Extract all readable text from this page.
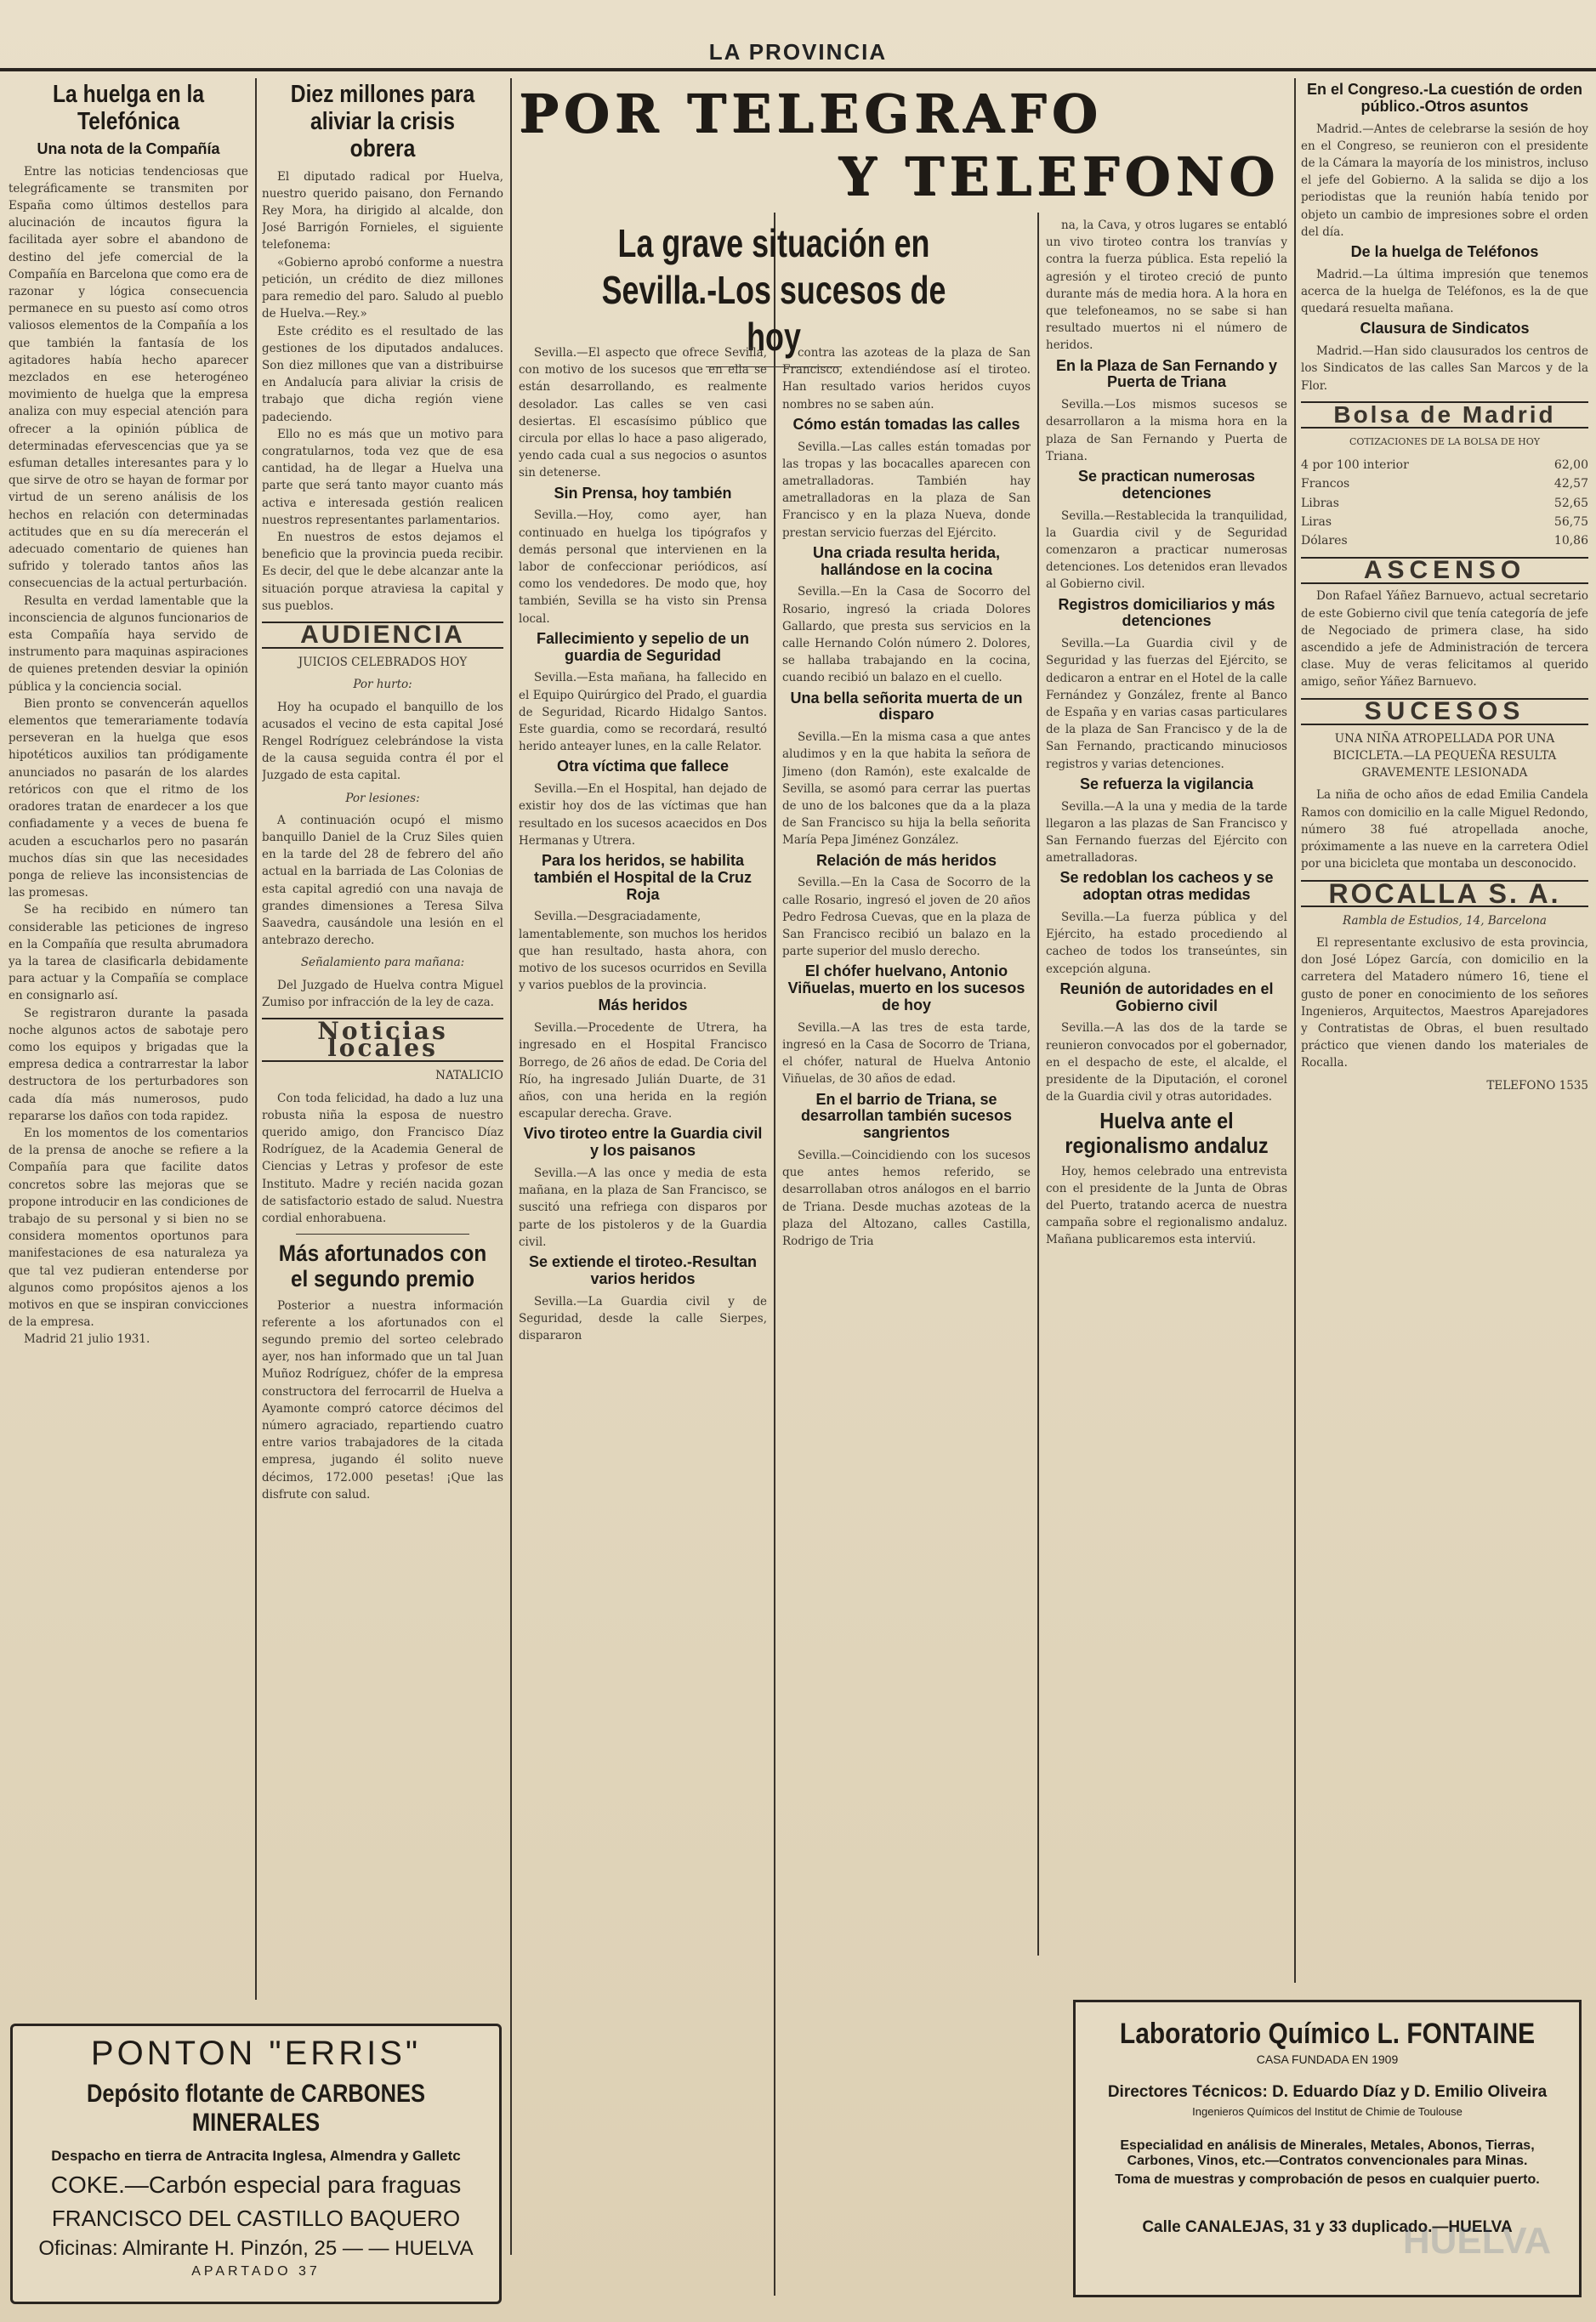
LA PROVINCIA
La huelga en la Telefónica
Una nota de la Compañía

Entre las noticias tendenciosas que telegráficamente se transmiten por España como últimos destellos para alucinación de incautos figura la facilitada ayer sobre el abandono de destino del jefe comercial de la Compañía en Barcelona que como era de razonar y lógica consecuencia permanece en su puesto así como otros valiosos elementos de la Compañía a los que también la fantasía de los agitadores había hecho aparecer mezclados en ese heterogéneo movimiento de huelga que la empresa analiza con muy especial atención para ofrecer a la opinión pública de determinadas efervescencias que ya se esfuman detalles interesantes para y lo que sirve de otro se hayan de formar por virtud de un sereno análisis de los hechos en relación con determinadas actitudes que en su día merecerán el adecuado comentario de quienes han sufrido y tolerado tantos años las consecuencias de la actual perturbación.

Resulta en verdad lamentable que la inconsciencia de algunos funcionarios de esta Compañía haya servido de instrumento para maquinas aspiraciones de quienes pretenden desviar la opinión pública y la conciencia social.

Bien pronto se convencerán aquellos elementos que temerariamente todavía perseveran en la huelga que esos hipotéticos auxilios tan pródigamente anunciados no pasarán de los alardes retóricos con que el ritmo de los oradores tratan de enardecer a los que confiadamente y a veces de buena fe acuden a escucharlos pero no pasarán muchos días sin que las necesidades ponga de relieve las inconsistencias de las promesas.

Se ha recibido en número tan considerable las peticiones de ingreso en la Compañía que resulta abrumadora ya la tarea de clasificarla debidamente para actuar y la Compañía se complace en consignarlo así.

Se registraron durante la pasada noche algunos actos de sabotaje pero como los equipos y brigadas que la empresa dedica a contrarrestar la labor destructora de los perturbadores son cada día más numerosos, pudo repararse los daños con toda rapidez.

En los momentos de los comentarios de la prensa de anoche se refiere a la Compañía para que facilite datos concretos sobre las mejoras que se propone introducir en las condiciones de trabajo de su personal y si bien no se considera momentos oportunos para manifestaciones de esa naturaleza ya que tal vez pudieran entenderse por algunos como propósitos ajenos a los motivos en que se inspiran convicciones de la empresa.

Madrid 21 julio 1931.

Diez millones para aliviar la crisis obrera

El diputado radical por Huelva, nuestro querido paisano, don Fernando Rey Mora, ha dirigido al alcalde, don José Barrigón Fornieles, el siguiente telefonema:

«Gobierno aprobó conforme a nuestra petición, un crédito de diez millones para remedio del paro. Saludo al pueblo de Huelva.—Rey.»

Este crédito es el resultado de las gestiones de los diputados andaluces. Son diez millones que van a distribuirse en Andalucía para aliviar la crisis de trabajo que dicha región viene padeciendo.

Ello no es más que un motivo para congratularnos, toda vez que de esa cantidad, ha de llegar a Huelva una parte que será tanto mayor cuanto más activa e interesada gestión realicen nuestros representantes parlamentarios.

En nuestros de estos dejamos el beneficio que la provincia pueda recibir. Es decir, del que le debe alcanzar ante la situación porque atraviesa la capital y sus pueblos.

AUDIENCIA
JUICIOS CELEBRADOS HOY
Por hurto:

Hoy ha ocupado el banquillo de los acusados el vecino de esta capital José Rengel Rodríguez celebrándose la vista de la causa seguida contra él por el Juzgado de esta capital.

Por lesiones:

A continuación ocupó el mismo banquillo Daniel de la Cruz Siles quien en la tarde del 28 de febrero del año actual en la barriada de Las Colonias de esta capital agredió con una navaja de grandes dimensiones a Teresa Silva Saavedra, causándole una lesión en el antebrazo derecho.

Señalamiento para mañana:

Del Juzgado de Huelva contra Miguel Zumiso por infracción de la ley de caza.

Noticias locales
NATALICIO

Con toda felicidad, ha dado a luz una robusta niña la esposa de nuestro querido amigo, don Francisco Díaz Rodríguez, de la Academia General de Ciencias y Letras y profesor de este Instituto. Madre y recién nacida gozan de satisfactorio estado de salud. Nuestra cordial enhorabuena.

Más afortunados con el segundo premio

Posterior a nuestra información referente a los afortunados con el segundo premio del sorteo celebrado ayer, nos han informado que un tal Juan Muñoz Rodríguez, chófer de la empresa constructora del ferrocarril de Huelva a Ayamonte compró catorce décimos del número agraciado, repartiendo cuatro entre varios trabajadores de la citada empresa, jugando él solito nueve décimos, 172.000 pesetas! ¡Que las disfrute con salud.

POR TELEGRAFO
Y TELEFONO
La grave situación en Sevilla.-Los sucesos de hoy

Sevilla.—El aspecto que ofrece Sevilla, con motivo de los sucesos que en ella se están desarrollando, es realmente desolador. Las calles se ven casi desiertas. El escasísimo público que circula por ellas lo hace a paso aligerado, yendo cada cual a sus negocios o asuntos sin detenerse.

Sin Prensa, hoy también

Sevilla.—Hoy, como ayer, han continuado en huelga los tipógrafos y demás personal que intervienen en la labor de confeccionar periódicos, así como los vendedores. De modo que, hoy también, Sevilla se ha visto sin Prensa local.

Fallecimiento y sepelio de un guardia de Seguridad

Sevilla.—Esta mañana, ha fallecido en el Equipo Quirúrgico del Prado, el guardia de Seguridad, Ricardo Hidalgo Santos. Este guardia, como se recordará, resultó herido anteayer lunes, en la calle Relator.

Otra víctima que fallece

Sevilla.—En el Hospital, han dejado de existir hoy dos de las víctimas que han resultado en los sucesos acaecidos en Dos Hermanas y Utrera.

Para los heridos, se habilita también el Hospital de la Cruz Roja

Sevilla.—Desgraciadamente, lamentablemente, son muchos los heridos que han resultado, hasta ahora, con motivo de los sucesos ocurridos en Sevilla y varios pueblos de la provincia.

Más heridos

Sevilla.—Procedente de Utrera, ha ingresado en el Hospital Francisco Borrego, de 26 años de edad. De Coria del Río, ha ingresado Julián Duarte, de 31 años, con una herida en la región escapular derecha. Grave.

Vivo tiroteo entre la Guardia civil y los paisanos

Sevilla.—A las once y media de esta mañana, en la plaza de San Francisco, se suscitó una refriega con disparos por parte de los pistoleros y de la Guardia civil.

Se extiende el tiroteo.-Resultan varios heridos

Sevilla.—La Guardia civil y de Seguridad, desde la calle Sierpes, dispararon

contra las azoteas de la plaza de San Francisco, extendiéndose así el tiroteo. Han resultado varios heridos cuyos nombres no se saben aún.

Cómo están tomadas las calles

Sevilla.—Las calles están tomadas por las tropas y las bocacalles aparecen con ametralladoras. También hay ametralladoras en la plaza de San Francisco y en la plaza Nueva, donde prestan servicio fuerzas del Ejército.

Una criada resulta herida, hallándose en la cocina

Sevilla.—En la Casa de Socorro del Rosario, ingresó la criada Dolores Gallardo, que presta sus servicios en la calle Hernando Colón número 2. Dolores, se hallaba trabajando en la cocina, cuando recibió un balazo en el cuello.

Una bella señorita muerta de un disparo

Sevilla.—En la misma casa a que antes aludimos y en la que habita la señora de Jimeno (don Ramón), este exalcalde de Sevilla, se asomó para cerrar las puertas de uno de los balcones que da a la plaza de San Francisco su hija la bella señorita María Pepa Jiménez González.

Relación de más heridos

Sevilla.—En la Casa de Socorro de la calle Rosario, ingresó el joven de 20 años Pedro Fedrosa Cuevas, que en la plaza de San Francisco recibió un balazo en la parte superior del muslo derecho.

El chófer huelvano, Antonio Viñuelas, muerto en los sucesos de hoy

Sevilla.—A las tres de esta tarde, ingresó en la Casa de Socorro de Triana, el chófer, natural de Huelva Antonio Viñuelas, de 30 años de edad.

En el barrio de Triana, se desarrollan también sucesos sangrientos

Sevilla.—Coincidiendo con los sucesos que antes hemos referido, se desarrollaban otros análogos en el barrio de Triana. Desde muchas azoteas de la plaza del Altozano, calles Castilla, Rodrigo de Tria

na, la Cava, y otros lugares se entabló un vivo tiroteo contra los tranvías y contra la fuerza pública. Esta repelió la agresión y el tiroteo creció de punto durante más de media hora. A la hora en que telefoneamos, no se sabe si han resultado muertos ni el número de heridos.

En la Plaza de San Fernando y Puerta de Triana

Sevilla.—Los mismos sucesos se desarrollaron a la misma hora en la plaza de San Fernando y Puerta de Triana.

Se practican numerosas detenciones

Sevilla.—Restablecida la tranquilidad, la Guardia civil y de Seguridad comenzaron a practicar numerosas detenciones. Los detenidos eran llevados al Gobierno civil.

Registros domiciliarios y más detenciones

Sevilla.—La Guardia civil y de Seguridad y las fuerzas del Ejército, se dedicaron a entrar en el Hotel de la calle Fernández y González, frente al Banco de España y en varias casas particulares de la plaza de San Francisco y de la de San Fernando, practicando minuciosos registros y varias detenciones.

Se refuerza la vigilancia

Sevilla.—A la una y media de la tarde llegaron a las plazas de San Francisco y San Fernando fuerzas del Ejército con ametralladoras.

Se redoblan los cacheos y se adoptan otras medidas

Sevilla.—La fuerza pública y del Ejército, ha estado procediendo al cacheo de todos los transeúntes, sin excepción alguna.

Reunión de autoridades en el Gobierno civil

Sevilla.—A las dos de la tarde se reunieron convocados por el gobernador, en el despacho de este, el alcalde, el presidente de la Diputación, el coronel de la Guardia civil y otras autoridades.

Huelva ante el regionalismo andaluz

Hoy, hemos celebrado una entrevista con el presidente de la Junta de Obras del Puerto, tratando acerca de nuestra campaña sobre el regionalismo andaluz. Mañana publicaremos esta interviú.

En el Congreso.-La cuestión de orden público.-Otros asuntos

Madrid.—Antes de celebrarse la sesión de hoy en el Congreso, se reunieron con el presidente de la Cámara la mayoría de los ministros, incluso el jefe del Gobierno. A la salida se dijo a los periodistas que la reunión había tenido por objeto un cambio de impresiones sobre el orden del día.

De la huelga de Teléfonos

Madrid.—La última impresión que tenemos acerca de la huelga de Teléfonos, es la de que quedará resuelta mañana.

Clausura de Sindicatos

Madrid.—Han sido clausurados los centros de los Sindicatos de las calles San Marcos y de la Flor.

Bolsa de Madrid
COTIZACIONES DE LA BOLSA DE HOY
4 por 100 interior	62,00
Francos	42,57
Libras	52,65
Liras	56,75
Dólares	10,86
ASCENSO

Don Rafael Yáñez Barnuevo, actual secretario de este Gobierno civil que tenía categoría de jefe de Negociado de primera clase, ha sido ascendido a jefe de Administración de tercera clase. Muy de veras felicitamos al querido amigo, señor Yáñez Barnuevo.

SUCESOS
UNA NIÑA ATROPELLADA POR UNA BICICLETA.—LA PEQUEÑA RESULTA GRAVEMENTE LESIONADA

La niña de ocho años de edad Emilia Candela Ramos con domicilio en la calle Miguel Redondo, número 38 fué atropellada anoche, próximamente a las nueve en la carretera Odiel por una bicicleta que montaba un desconocido.

ROCALLA S. A.
Rambla de Estudios, 14, Barcelona

El representante exclusivo de esta provincia, don José López García, con domicilio en la carretera del Matadero número 16, tiene el gusto de poner en conocimiento de los señores Ingenieros, Arquitectos, Maestros Aparejadores y Contratistas de Obras, el buen resultado práctico que vienen dando los materiales de Rocalla.

TELEFONO 1535
PONTON "ERRIS"
Depósito flotante de CARBONES MINERALES
Despacho en tierra de Antracita Inglesa, Almendra y Galletc
COKE.—Carbón especial para fraguas
FRANCISCO DEL CASTILLO BAQUERO
Oficinas: Almirante H. Pinzón, 25 — — HUELVA
APARTADO 37
Laboratorio Químico L. FONTAINE
CASA FUNDADA EN 1909
Directores Técnicos: D. Eduardo Díaz y D. Emilio Oliveira
Ingenieros Químicos del Institut de Chimie de Toulouse
Especialidad en análisis de Minerales, Metales, Abonos, Tierras, Carbones, Vinos, etc.—Contratos convencionales para Minas.
Toma de muestras y comprobación de pesos en cualquier puerto.
Calle CANALEJAS, 31 y 33 duplicado.—HUELVA
HUELVA
